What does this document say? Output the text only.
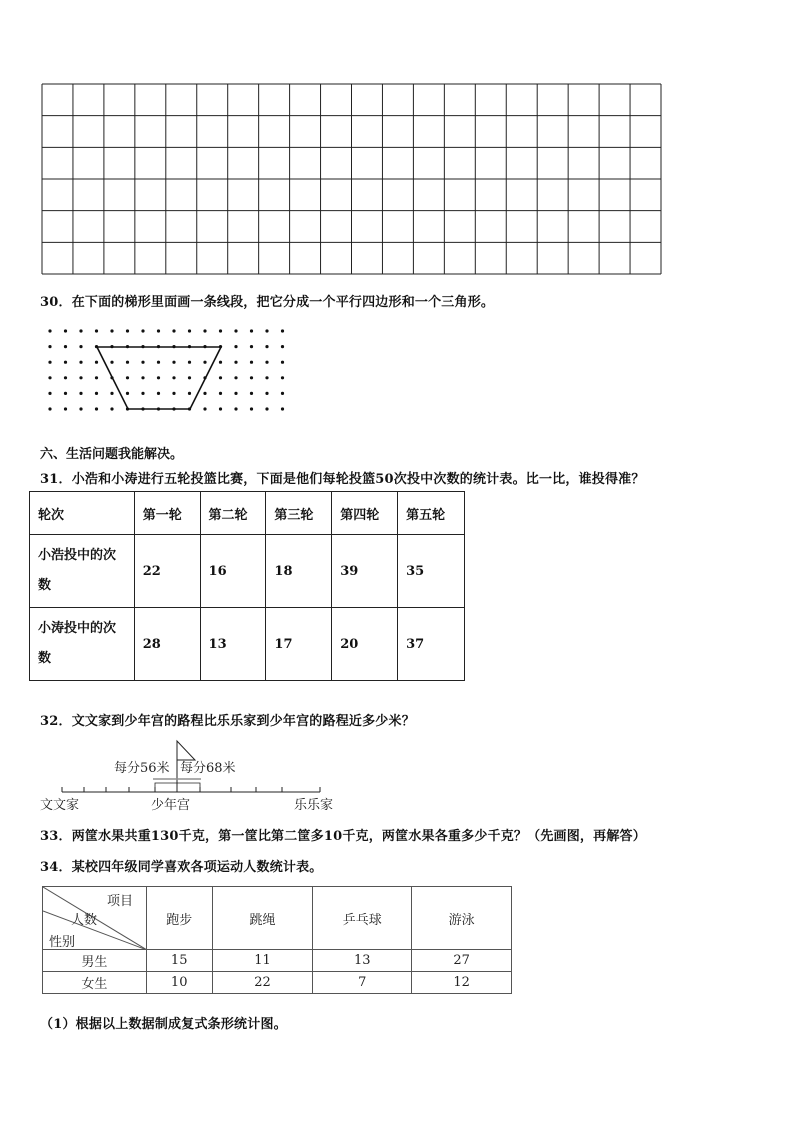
30．在下面的梯形里面画一条线段，把它分成一个平行四边形和一个三角形。
六、生活问题我能解决。
31．小浩和小涛进行五轮投篮比赛，下面是他们每轮投篮50次投中次数的统计表。比一比，谁投得准？
轮次	第一轮	第二轮	第三轮	第四轮	第五轮

小浩投中的次
数	22	16	18	39	35

小涛投中的次
数	28	13	17	20	37
32．文文家到少年宫的路程比乐乐家到少年宫的路程近多少米？
每分56米 每分68米
文文家	少年宫	乐乐家
33．两筐水果共重130千克，第一筐比第二筐多10千克，两筐水果各重多少千克？（先画图，再解答）
34．某校四年级同学喜欢各项运动人数统计表。
项目
人数
性别	跑步	跳绳	乒乓球	游泳
男生	15	11	13	27
女生	10	22	7	12
（1）根据以上数据制成复式条形统计图。
